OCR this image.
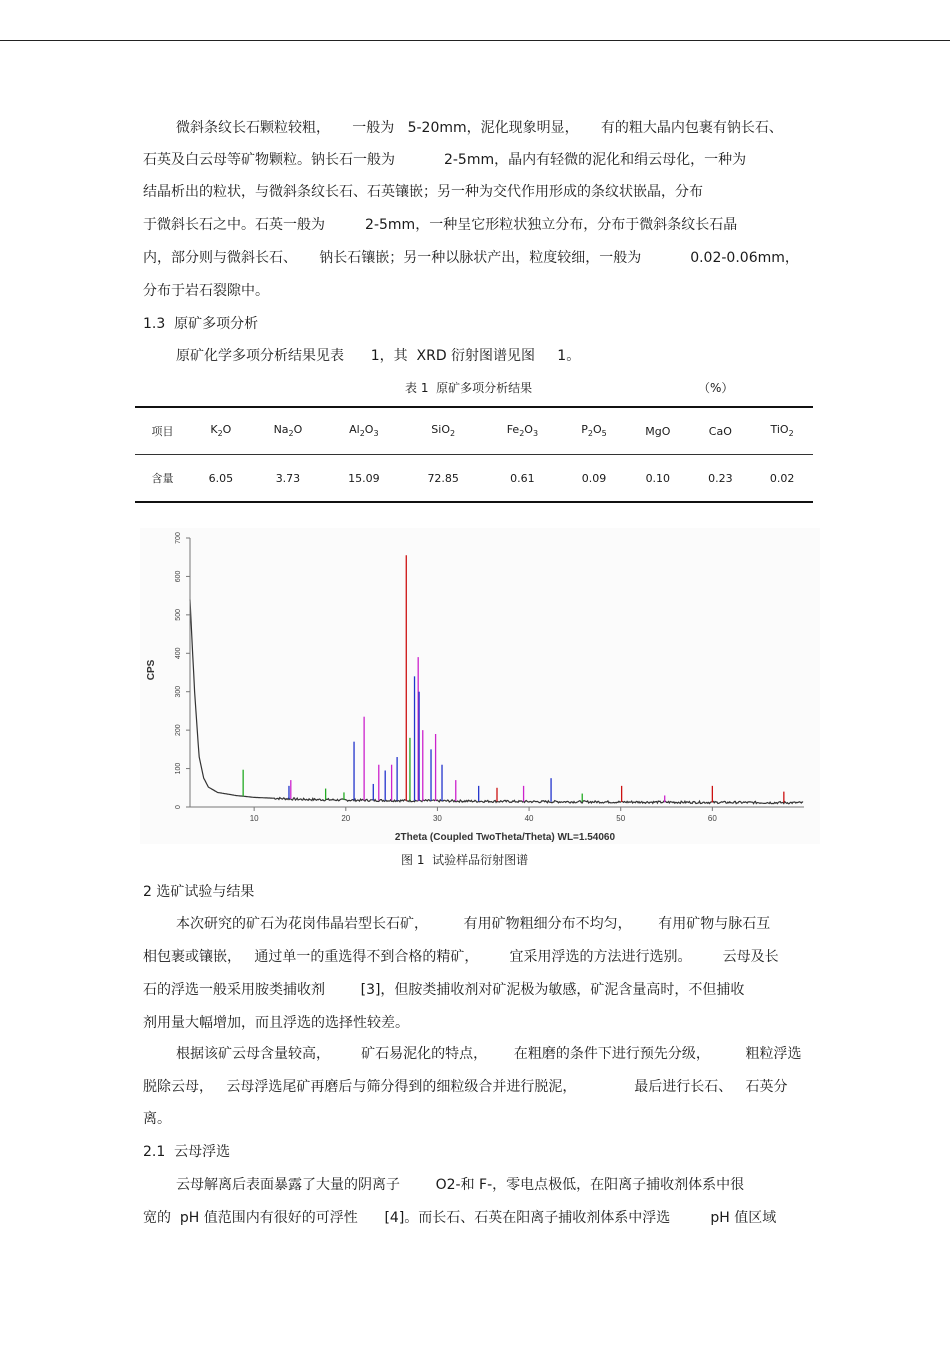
微斜条纹长石颗粒较粗，     一般为   5-20mm，泥化现象明显，     有的粗大晶内包裹有钠长石、
石英及白云母等矿物颗粒。钠长石一般为           2-5mm，晶内有轻微的泥化和绢云母化，一种为
结晶析出的粒状，与微斜条纹长石、石英镶嵌；另一种为交代作用形成的条纹状嵌晶，分布
于微斜长石之中。石英一般为         2-5mm，一种呈它形粒状独立分布，分布于微斜条纹长石晶
内，部分则与微斜长石、     钠长石镶嵌；另一种以脉状产出，粒度较细，一般为           0.02-0.06mm，
分布于岩石裂隙中。
1.3  原矿多项分析
原矿化学多项分析结果见表      1，其  XRD 衍射图谱见图     1。
表 1  原矿多项分析结果	（%）
项目	$K_2O$	$Na_2O$	$Al_2O_3$	SiO$_2$	$Fe_2O_3$	$P_2O_5$	MgO	CaO	TiO$_2$
含量	6.05	3.73	15.09	72.85	0.61	0.09	0.10	0.23	0.02
0
100
200
300
400
500
600
700
10	20	30	40	50	60
CPS
2Theta (Coupled TwoTheta/Theta) WL=1.54060
图 1  试验样品衍射图谱
2 选矿试验与结果
本次研究的矿石为花岗伟晶岩型长石矿，        有用矿物粗细分布不均匀，      有用矿物与脉石互
相包裹或镶嵌，   通过单一的重选得不到合格的精矿，       宜采用浮选的方法进行选别。       云母及长
石的浮选一般采用胺类捕收剂        [3]，但胺类捕收剂对矿泥极为敏感，矿泥含量高时，不但捕收
剂用量大幅增加，而且浮选的选择性较差。
根据该矿云母含量较高，       矿石易泥化的特点，      在粗磨的条件下进行预先分级，        粗粒浮选
脱除云母，   云母浮选尾矿再磨后与筛分得到的细粒级合并进行脱泥，             最后进行长石、   石英分
离。
2.1  云母浮选
云母解离后表面暴露了大量的阴离子        O2-和 F-，零电点极低，在阳离子捕收剂体系中很
宽的  pH 值范围内有很好的可浮性      [4]。而长石、石英在阳离子捕收剂体系中浮选         pH 值区域
